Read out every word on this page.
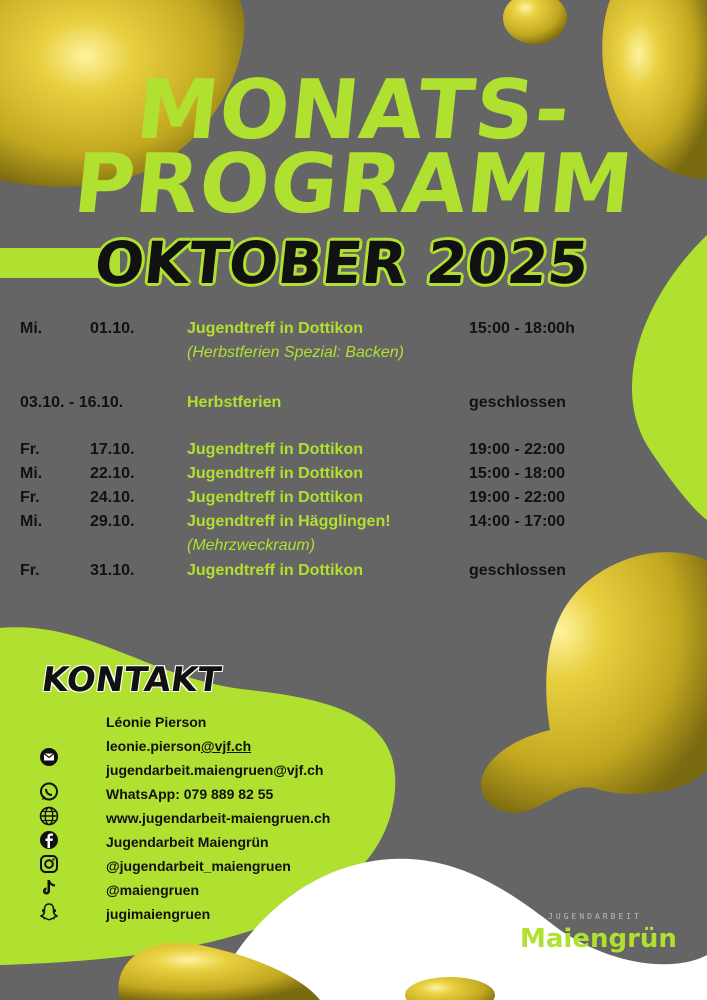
MONATS-
PROGRAMM
OKTOBER 2025
Mi.	01.10.	Jugendtreff in Dottikon	15:00 - 18:00h
(Herbstferien Spezial: Backen)
03.10. - 16.10.	Herbstferien	geschlossen
Fr.	17.10.	Jugendtreff in Dottikon	19:00 - 22:00
Mi.	22.10.	Jugendtreff in Dottikon	15:00 - 18:00
Fr.	24.10.	Jugendtreff in Dottikon	19:00 - 22:00
Mi.	29.10.	Jugendtreff in Hägglingen!	14:00 - 17:00
(Mehrzweckraum)
Fr.	31.10.	Jugendtreff in Dottikon	geschlossen
KONTAKT
Léonie Pierson
leonie.pierson@vjf.ch
jugendarbeit.maiengruen@vjf.ch
WhatsApp: 079 889 82 55
www.jugendarbeit-maiengruen.ch
Jugendarbeit Maiengrün
@jugendarbeit_maiengruen
@maiengruen
jugimaiengruen	JUGENDARBEIT
Maiengrün
